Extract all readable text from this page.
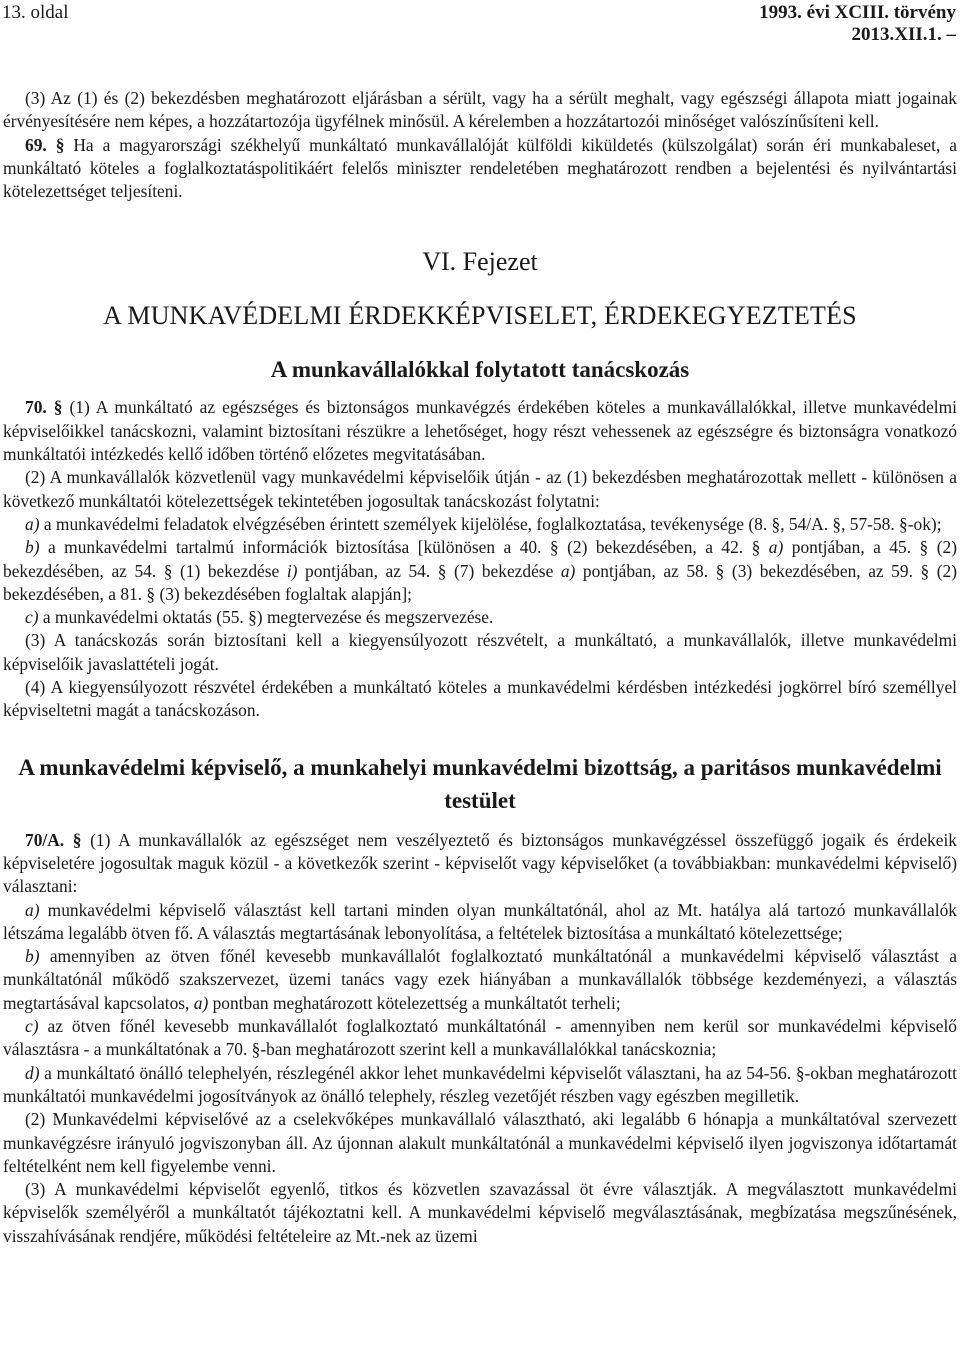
13. oldal	1993. évi XCIII. törvény
2013.XII.1. –

(3) Az (1) és (2) bekezdésben meghatározott eljárásban a sérült, vagy ha a sérült meghalt, vagy egészségi állapota miatt jogainak érvényesítésére nem képes, a hozzátartozója ügyfélnek minősül. A kérelemben a hozzátartozói minőséget valószínűsíteni kell.

69. § Ha a magyarországi székhelyű munkáltató munkavállalóját külföldi kiküldetés (külszolgálat) során éri munkabaleset, a munkáltató köteles a foglalkoztatáspolitikáért felelős miniszter rendeletében meghatározott rendben a bejelentési és nyilvántartási kötelezettséget teljesíteni.

VI. Fejezet
A MUNKAVÉDELMI ÉRDEKKÉPVISELET, ÉRDEKEGYEZTETÉS
A munkavállalókkal folytatott tanácskozás

70. § (1) A munkáltató az egészséges és biztonságos munkavégzés érdekében köteles a munkavállalókkal, illetve munkavédelmi képviselőikkel tanácskozni, valamint biztosítani részükre a lehetőséget, hogy részt vehessenek az egészségre és biztonságra vonatkozó munkáltatói intézkedés kellő időben történő előzetes megvitatásában.

(2) A munkavállalók közvetlenül vagy munkavédelmi képviselőik útján - az (1) bekezdésben meghatározottak mellett - különösen a következő munkáltatói kötelezettségek tekintetében jogosultak tanácskozást folytatni:

a) a munkavédelmi feladatok elvégzésében érintett személyek kijelölése, foglalkoztatása, tevékenysége (8. §, 54/A. §, 57-58. §-ok);

b) a munkavédelmi tartalmú információk biztosítása [különösen a 40. § (2) bekezdésében, a 42. § a) pontjában, a 45. § (2) bekezdésében, az 54. § (1) bekezdése i) pontjában, az 54. § (7) bekezdése a) pontjában, az 58. § (3) bekezdésében, az 59. § (2) bekezdésében, a 81. § (3) bekezdésében foglaltak alapján];

c) a munkavédelmi oktatás (55. §) megtervezése és megszervezése.

(3) A tanácskozás során biztosítani kell a kiegyensúlyozott részvételt, a munkáltató, a munkavállalók, illetve munkavédelmi képviselőik javaslattételi jogát.

(4) A kiegyensúlyozott részvétel érdekében a munkáltató köteles a munkavédelmi kérdésben intézkedési jogkörrel bíró személlyel képviseltetni magát a tanácskozáson.

A munkavédelmi képviselő, a munkahelyi munkavédelmi bizottság, a paritásos munkavédelmi testület

70/A. § (1) A munkavállalók az egészséget nem veszélyeztető és biztonságos munkavégzéssel összefüggő jogaik és érdekeik képviseletére jogosultak maguk közül - a következők szerint - képviselőt vagy képviselőket (a továbbiakban: munkavédelmi képviselő) választani:

a) munkavédelmi képviselő választást kell tartani minden olyan munkáltatónál, ahol az Mt. hatálya alá tartozó munkavállalók létszáma legalább ötven fő. A választás megtartásának lebonyolítása, a feltételek biztosítása a munkáltató kötelezettsége;

b) amennyiben az ötven főnél kevesebb munkavállalót foglalkoztató munkáltatónál a munkavédelmi képviselő választást a munkáltatónál működő szakszervezet, üzemi tanács vagy ezek hiányában a munkavállalók többsége kezdeményezi, a választás megtartásával kapcsolatos, a) pontban meghatározott kötelezettség a munkáltatót terheli;

c) az ötven főnél kevesebb munkavállalót foglalkoztató munkáltatónál - amennyiben nem kerül sor munkavédelmi képviselő választásra - a munkáltatónak a 70. §-ban meghatározott szerint kell a munkavállalókkal tanácskoznia;

d) a munkáltató önálló telephelyén, részlegénél akkor lehet munkavédelmi képviselőt választani, ha az 54-56. §-okban meghatározott munkáltatói munkavédelmi jogosítványok az önálló telephely, részleg vezetőjét részben vagy egészben megilletik.

(2) Munkavédelmi képviselővé az a cselekvőképes munkavállaló választható, aki legalább 6 hónapja a munkáltatóval szervezett munkavégzésre irányuló jogviszonyban áll. Az újonnan alakult munkáltatónál a munkavédelmi képviselő ilyen jogviszonya időtartamát feltételként nem kell figyelembe venni.

(3) A munkavédelmi képviselőt egyenlő, titkos és közvetlen szavazással öt évre választják. A megválasztott munkavédelmi képviselők személyéről a munkáltatót tájékoztatni kell. A munkavédelmi képviselő megválasztásának, megbízatása megszűnésének, visszahívásának rendjére, működési feltételeire az Mt.-nek az üzemi
